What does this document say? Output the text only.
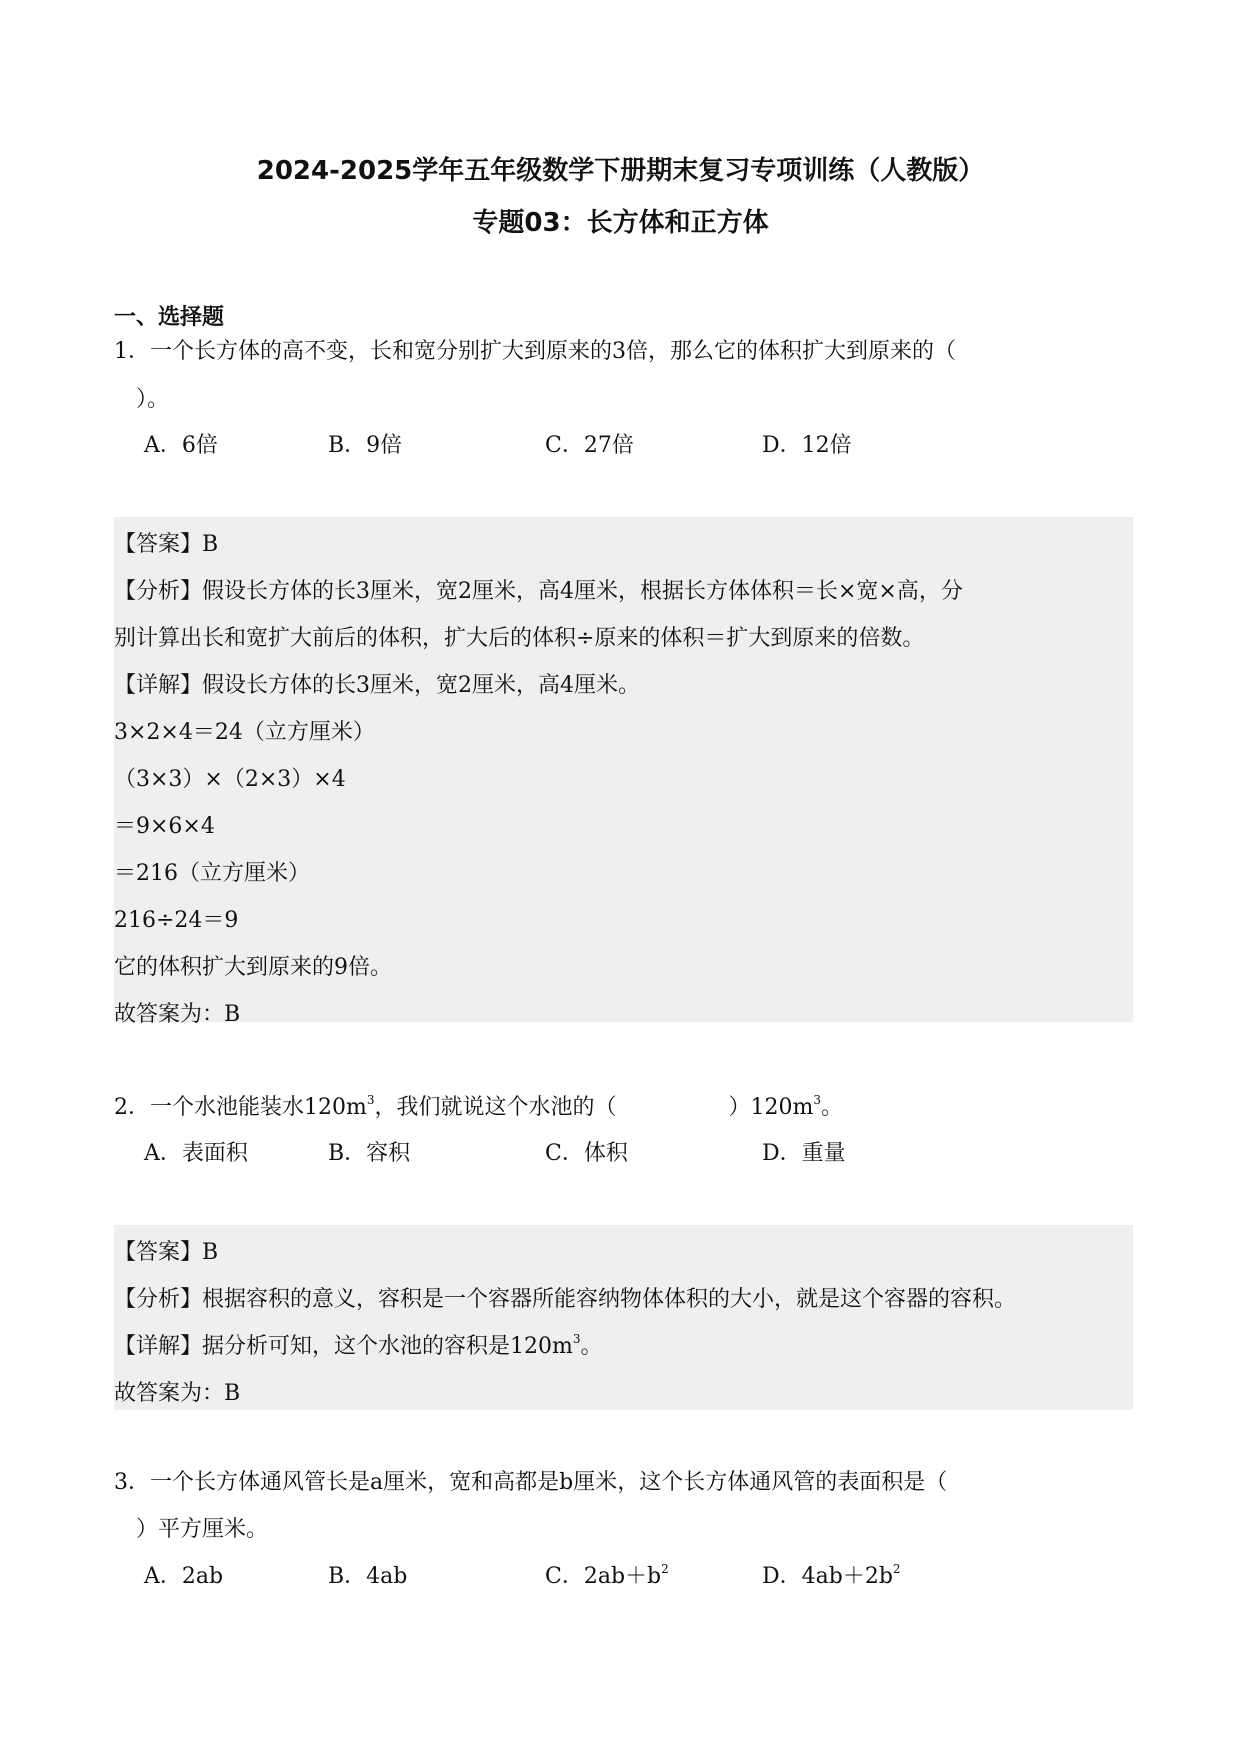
2024-2025学年五年级数学下册期末复习专项训练（人教版）
专题03：长方体和正方体
一、选择题
1．一个长方体的高不变，长和宽分别扩大到原来的3倍，那么它的体积扩大到原来的（
）。
A．6倍	B．9倍	C．27倍	D．12倍
【答案】B
【分析】假设长方体的长3厘米，宽2厘米，高4厘米，根据长方体体积＝长×宽×高，分
别计算出长和宽扩大前后的体积，扩大后的体积÷原来的体积＝扩大到原来的倍数。
【详解】假设长方体的长3厘米，宽2厘米，高4厘米。
3×2×4＝24（立方厘米）
（3×3）×（2×3）×4
＝9×6×4
＝216（立方厘米）
216÷24＝9
它的体积扩大到原来的9倍。
故答案为：B
2．一个水池能装水$120m^3$，我们就说这个水池的（	）$120m^3$。
A．表面积	B．容积	C．体积	D．重量
【答案】B
【分析】根据容积的意义，容积是一个容器所能容纳物体体积的大小，就是这个容器的容积。
【详解】据分析可知，这个水池的容积是$120m^3$。
故答案为：B
3．一个长方体通风管长是a厘米，宽和高都是b厘米，这个长方体通风管的表面积是（
）平方厘米。
A．2ab	B．4ab	C．$2ab+b^2$	D．$4ab+2b^2$
